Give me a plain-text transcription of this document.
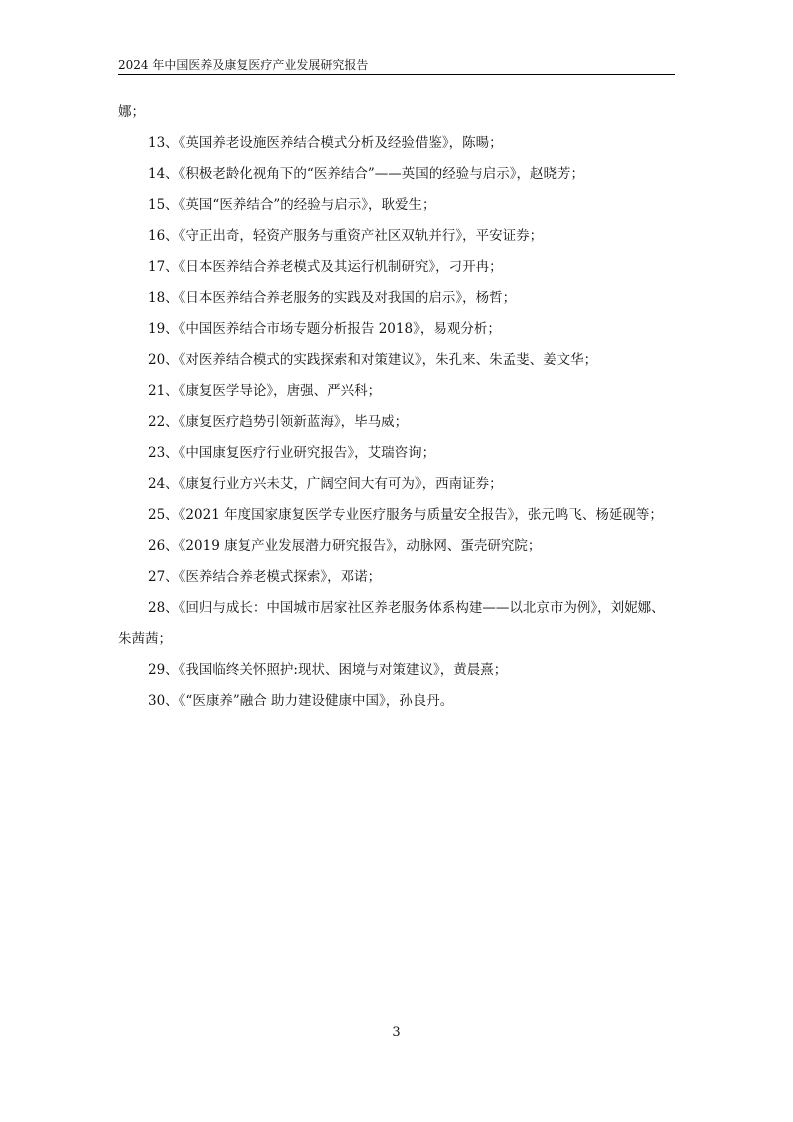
2024 年中国医养及康复医疗产业发展研究报告
娜；
13、《英国养老设施医养结合模式分析及经验借鉴》，陈暘；
14、《积极老龄化视角下的“医养结合”——英国的经验与启示》，赵晓芳；
15、《英国“医养结合”的经验与启示》，耿爱生；
16、《守正出奇，轻资产服务与重资产社区双轨并行》，平安证券；
17、《日本医养结合养老模式及其运行机制研究》，刁开冉；
18、《日本医养结合养老服务的实践及对我国的启示》，杨哲；
19、《中国医养结合市场专题分析报告 2018》，易观分析；
20、《对医养结合模式的实践探索和对策建议》，朱孔来、朱孟斐、姜文华；
21、《康复医学导论》，唐强、严兴科；
22、《康复医疗趋势引领新蓝海》，毕马威；
23、《中国康复医疗行业研究报告》，艾瑞咨询；
24、《康复行业方兴未艾，广阔空间大有可为》，西南证券；
25、《2021 年度国家康复医学专业医疗服务与质量安全报告》，张元鸣飞、杨延砚等；
26、《2019 康复产业发展潜力研究报告》，动脉网、蛋壳研究院；
27、《医养结合养老模式探索》，邓诺；
28、《回归与成长：中国城市居家社区养老服务体系构建——以北京市为例》，刘妮娜、
朱茜茜；
29、《我国临终关怀照护:现状、困境与对策建议》，黄晨熹；
30、《“医康养”融合 助力建设健康中国》，孙良丹。
3
